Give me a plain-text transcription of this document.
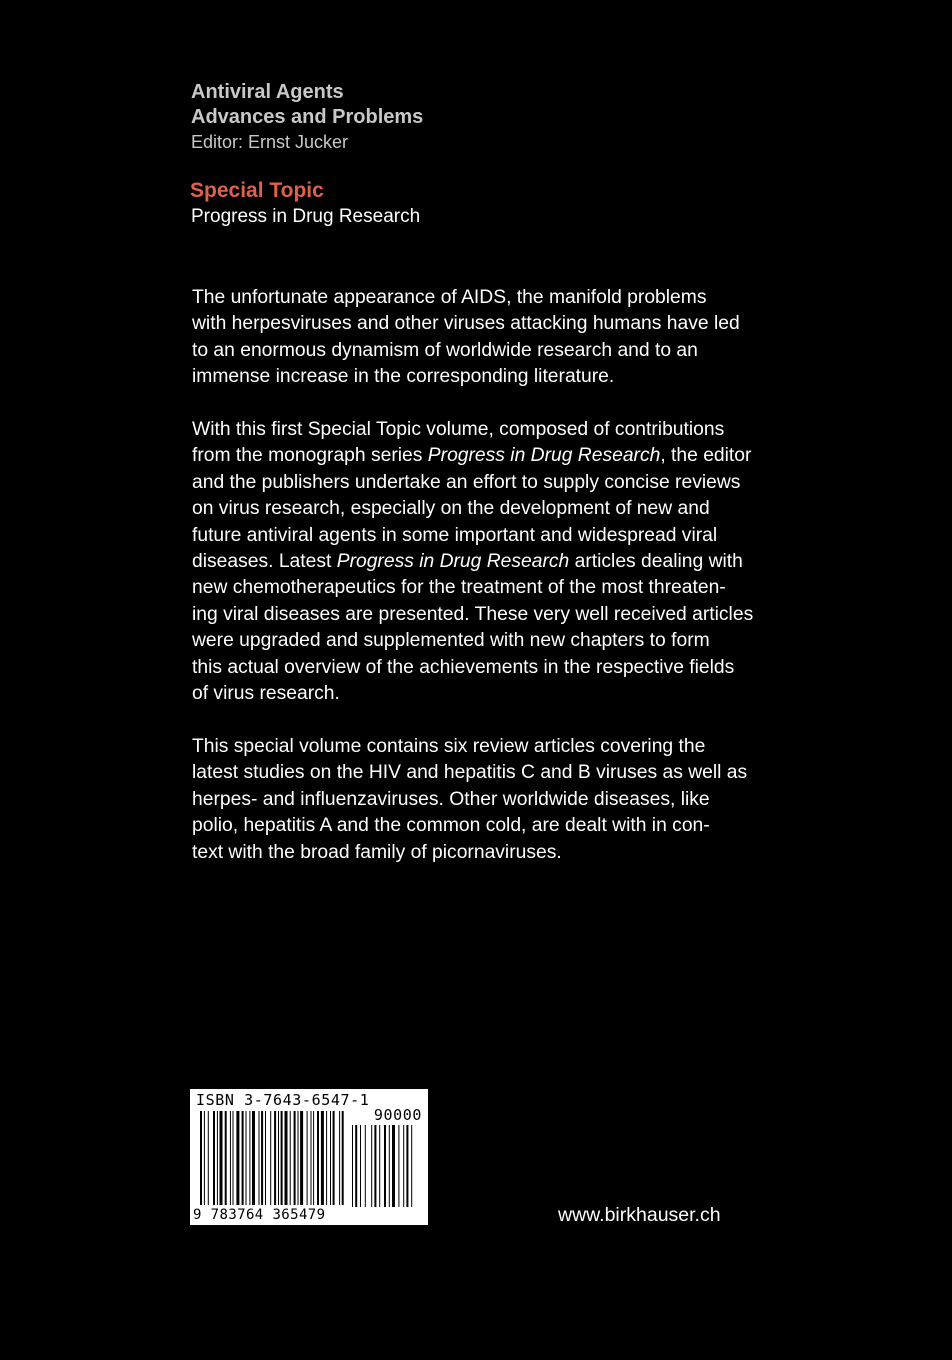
Antiviral Agents

Advances and Problems

Editor: Ernst Jucker

Special Topic
Progress in Drug Research

The unfortunate appearance of AIDS, the manifold problems
with herpesviruses and other viruses attacking humans have led
to an enormous dynamism of worldwide research and to an
immense increase in the corresponding literature.

With this first Special Topic volume, composed of contributions
from the monograph series Progress in Drug Research, the editor
and the publishers undertake an effort to supply concise reviews
on virus research, especially on the development of new and
future antiviral agents in some important and widespread viral
diseases. Latest Progress in Drug Research articles dealing with
new chemotherapeutics for the treatment of the most threaten-
ing viral diseases are presented. These very well received articles
were upgraded and supplemented with new chapters to form
this actual overview of the achievements in the respective fields
of virus research.

This special volume contains six review articles covering the
latest studies on the HIV and hepatitis C and B viruses as well as
herpes- and influenzaviruses. Other worldwide diseases, like
polio, hepatitis A and the common cold, are dealt with in con-
text with the broad family of picornaviruses.

ISBN 3-7643-6547-1
90000
9 783764 365479	www.birkhauser.ch
